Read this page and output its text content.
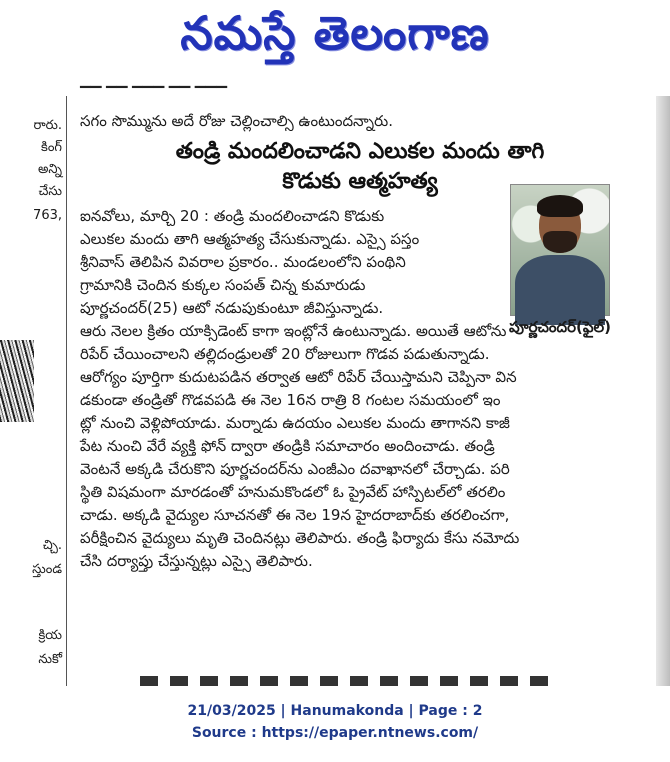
నమస్తే తెలంగాణ
రారు.
కింగ్
అన్ని
చేసు
763,
చ్చి.
స్తుండ
క్రియ
నుకో
▔▔ ▔▔ ▔▔▔ ▔▔ ▔▔▔
సగం సొమ్మును అదే రోజు చెల్లించాల్సి ఉంటుందన్నారు.
తండ్రి మందలించాడని ఎలుకల మందు తాగి
కొడుకు ఆత్మహత్య
ఐనవోలు, మార్చి 20 : తండ్రి మందలించాడని కొడుకు
ఎలుకల మందు తాగి ఆత్మహత్య చేసుకున్నాడు. ఎస్సై పస్తం
శ్రీనివాస్ తెలిపిన వివరాల ప్రకారం.. మండలంలోని పంథిని
గ్రామానికి చెందిన కుక్కల సంపత్ చిన్న కుమారుడు
పూర్ణచందర్(25) ఆటో నడుపుకుంటూ జీవిస్తున్నాడు.
ఆరు నెలల క్రితం యాక్సిడెంట్ కాగా ఇంట్లోనే ఉంటున్నాడు. అయితే ఆటోను
రిపేర్ చేయించాలని తల్లిదండ్రులతో 20 రోజులుగా గొడవ పడుతున్నాడు.
ఆరోగ్యం పూర్తిగా కుదుటపడిన తర్వాత ఆటో రిపేర్ చేయిస్తామని చెప్పినా విన
డకుండా తండ్రితో గొడవపడి ఈ నెల 16న రాత్రి 8 గంటల సమయంలో ఇం
ట్లో నుంచి వెళ్లిపోయాడు. మర్నాడు ఉదయం ఎలుకల మందు తాగానని కాజీ
పేట నుంచి వేరే వ్యక్తి ఫోన్ ద్వారా తండ్రికి సమాచారం అందించాడు. తండ్రి
వెంటనే అక్కడి చేరుకొని పూర్ణచందర్‌ను ఎంజీఎం దవాఖానలో చేర్చాడు. పరి
స్థితి విషమంగా మారడంతో హనుమకొండలో ఓ ప్రైవేట్ హాస్పిటల్‌లో తరలిం
చాడు. అక్కడి వైద్యుల సూచనతో ఈ నెల 19న హైదరాబాద్‌కు తరలించగా,
పరీక్షించిన వైద్యులు మృతి చెందినట్లు తెలిపారు. తండ్రి ఫిర్యాదు కేసు నమోదు
చేసి దర్యాప్తు చేస్తున్నట్లు ఎస్సై తెలిపారు.
పూర్ణచందర్(ఫైల్)
21/03/2025 | Hanumakonda | Page : 2
Source : https://epaper.ntnews.com/
